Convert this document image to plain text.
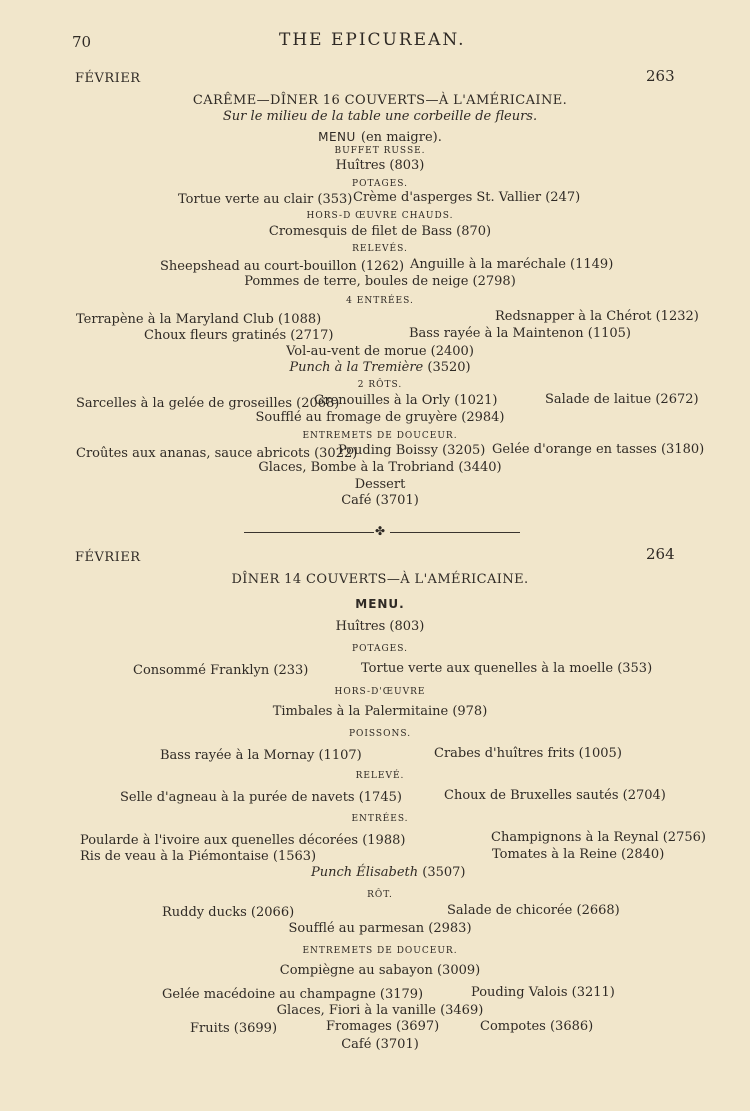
70	THE EPICUREAN.
FÉVRIER	263
CARÊME—DÎNER 16 COUVERTS—À L'AMÉRICAINE.
Sur le milieu de la table une corbeille de fleurs.
MENU (en maigre).
BUFFET RUSSE.
Huîtres (803)
POTAGES.
Tortue verte au clair (353) Crème d'asperges St. Vallier (247)
HORS-D ŒUVRE CHAUDS.
Cromesquis de filet de Bass (870)
RELEVÉS.
Sheepshead au court-bouillon (1262) Anguille à la maréchale (1149)
Pommes de terre, boules de neige (2798)
4 ENTRÉES.
Terrapène à la Maryland Club (1088)	Redsnapper à la Chérot (1232)
Choux fleurs gratinés (2717)	Bass rayée à la Maintenon (1105)
Vol-au-vent de morue (2400)
Punch à la Tremière (3520)
2 RÔTS.
Sarcelles à la gelée de groseilles (2068)
Grenouilles à la Orly (1021)	Salade de laitue (2672)
Soufflé au fromage de gruyère (2984)
ENTREMETS DE DOUCEUR.
Croûtes aux ananas, sauce abricots (3022)
Pouding Boissy (3205) Gelée d'orange en tasses (3180)
Glaces, Bombe à la Trobriand (3440)
Dessert
Café (3701)
✤
FÉVRIER	264
DÎNER 14 COUVERTS—À L'AMÉRICAINE.
MENU.
Huîtres (803)
POTAGES.
Consommé Franklyn (233)	Tortue verte aux quenelles à la moelle (353)
HORS-D'ŒUVRE
Timbales à la Palermitaine (978)
POISSONS.
Bass rayée à la Mornay (1107)	Crabes d'huîtres frits (1005)
RELEVÉ.
Selle d'agneau à la purée de navets (1745)	Choux de Bruxelles sautés (2704)
ENTRÉES.
Poularde à l'ivoire aux quenelles décorées (1988)	Champignons à la Reynal (2756)
Ris de veau à la Piémontaise (1563)	Tomates à la Reine (2840)
Punch Élisabeth (3507)
RÔT.
Ruddy ducks (2066)	Salade de chicorée (2668)
Soufflé au parmesan (2983)
ENTREMETS DE DOUCEUR.
Compiègne au sabayon (3009)
Gelée macédoine au champagne (3179)	Pouding Valois (3211)
Glaces, Fiori à la vanille (3469)
Fruits (3699)	Fromages (3697)	Compotes (3686)
Café (3701)
